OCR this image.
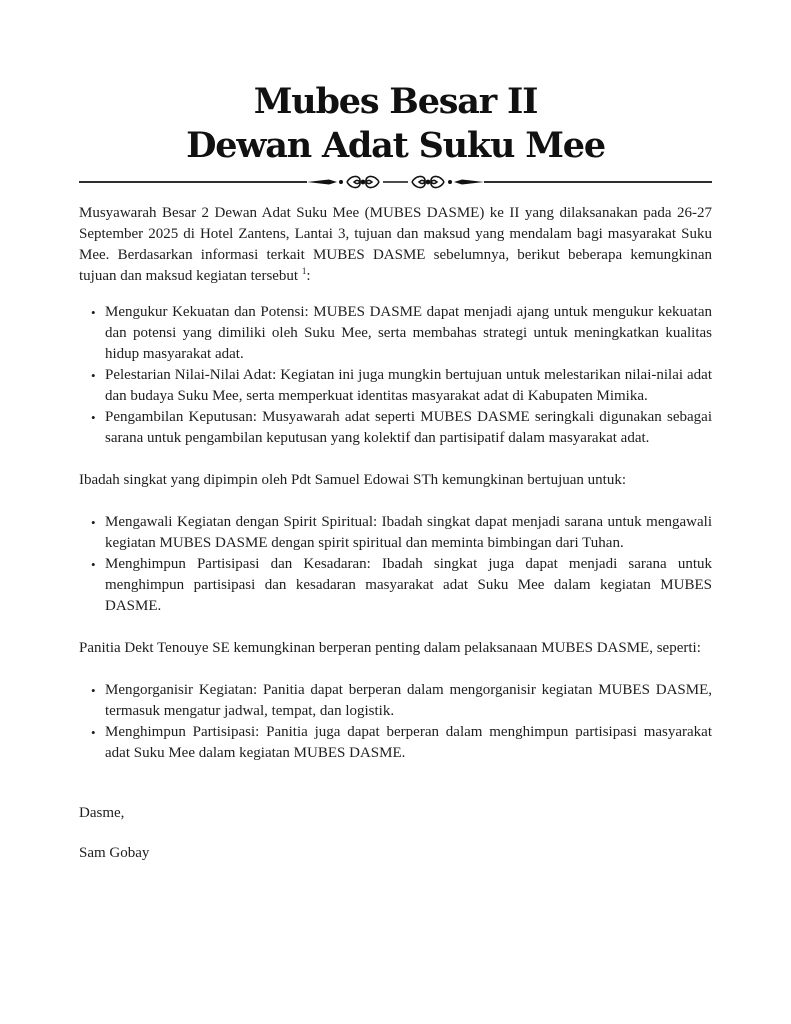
Mubes Besar II
Dewan Adat Suku Mee

Musyawarah Besar 2 Dewan Adat Suku Mee (MUBES DASME) ke II yang dilaksanakan pada 26-27 September 2025 di Hotel Zantens, Lantai 3, tujuan dan maksud yang mendalam bagi masyarakat Suku Mee. Berdasarkan informasi terkait MUBES DASME sebelumnya, berikut beberapa kemungkinan tujuan dan maksud kegiatan tersebut $^1$:

• Mengukur Kekuatan dan Potensi: MUBES DASME dapat menjadi ajang untuk mengukur kekuatan dan potensi yang dimiliki oleh Suku Mee, serta membahas strategi untuk meningkatkan kualitas hidup masyarakat adat.
• Pelestarian Nilai-Nilai Adat: Kegiatan ini juga mungkin bertujuan untuk melestarikan nilai-nilai adat dan budaya Suku Mee, serta memperkuat identitas masyarakat adat di Kabupaten Mimika.
• Pengambilan Keputusan: Musyawarah adat seperti MUBES DASME seringkali digunakan sebagai sarana untuk pengambilan keputusan yang kolektif dan partisipatif dalam masyarakat adat.

Ibadah singkat yang dipimpin oleh Pdt Samuel Edowai STh kemungkinan bertujuan untuk:

• Mengawali Kegiatan dengan Spirit Spiritual: Ibadah singkat dapat menjadi sarana untuk mengawali kegiatan MUBES DASME dengan spirit spiritual dan meminta bimbingan dari Tuhan.
• Menghimpun Partisipasi dan Kesadaran: Ibadah singkat juga dapat menjadi sarana untuk menghimpun partisipasi dan kesadaran masyarakat adat Suku Mee dalam kegiatan MUBES DASME.

Panitia Dekt Tenouye SE kemungkinan berperan penting dalam pelaksanaan MUBES DASME, seperti:

• Mengorganisir Kegiatan: Panitia dapat berperan dalam mengorganisir kegiatan MUBES DASME, termasuk mengatur jadwal, tempat, dan logistik.
• Menghimpun Partisipasi: Panitia juga dapat berperan dalam menghimpun partisipasi masyarakat adat Suku Mee dalam kegiatan MUBES DASME.

Dasme,

Sam Gobay
